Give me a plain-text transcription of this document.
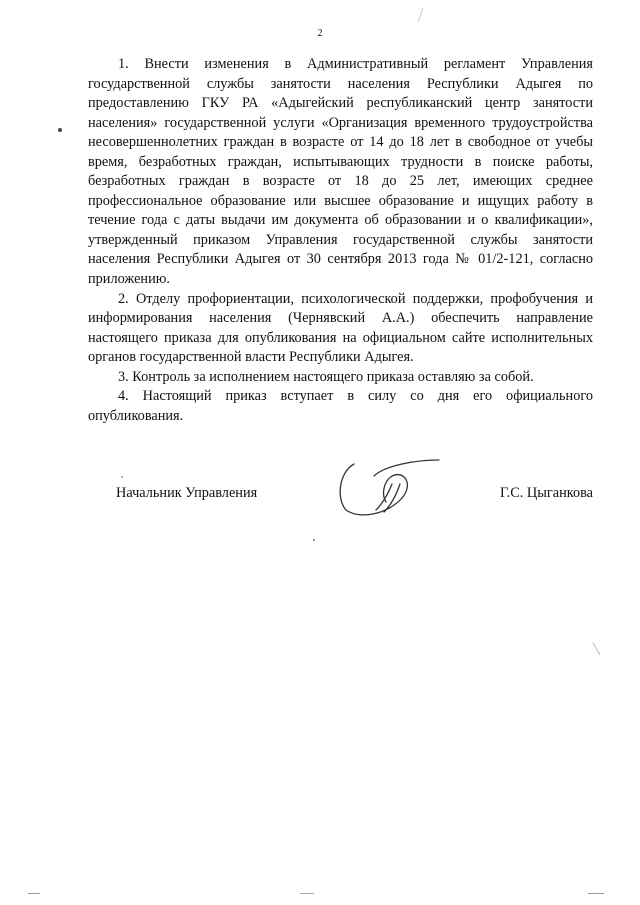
2

1. Внести изменения в Административный регламент Управления государственной службы занятости населения Республики Адыгея по предоставлению ГКУ РА «Адыгейский республиканский центр занятости населения» государственной услуги «Организация временного трудоустройства несовершеннолетних граждан в возрасте от 14 до 18 лет в свободное от учебы время, безработных граждан, испытывающих трудности в поиске работы, безработных граждан в возрасте от 18 до 25 лет, имеющих среднее профессиональное образование или высшее образование и ищущих работу в течение года с даты выдачи им документа об образовании и о квалификации», утвержденный приказом Управления государственной службы занятости населения Республики Адыгея от 30 сентября 2013 года № 01/2-121, согласно приложению.

2. Отделу профориентации, психологической поддержки, профобучения и информирования населения (Чернявский А.А.) обеспечить направление настоящего приказа для опубликования на официальном сайте исполнительных органов государственной власти Республики Адыгея.

3. Контроль за исполнением настоящего приказа оставляю за собой.

4. Настоящий приказ вступает в силу со дня его официального опубликования.

Начальник Управления	Г.С. Цыганкова
